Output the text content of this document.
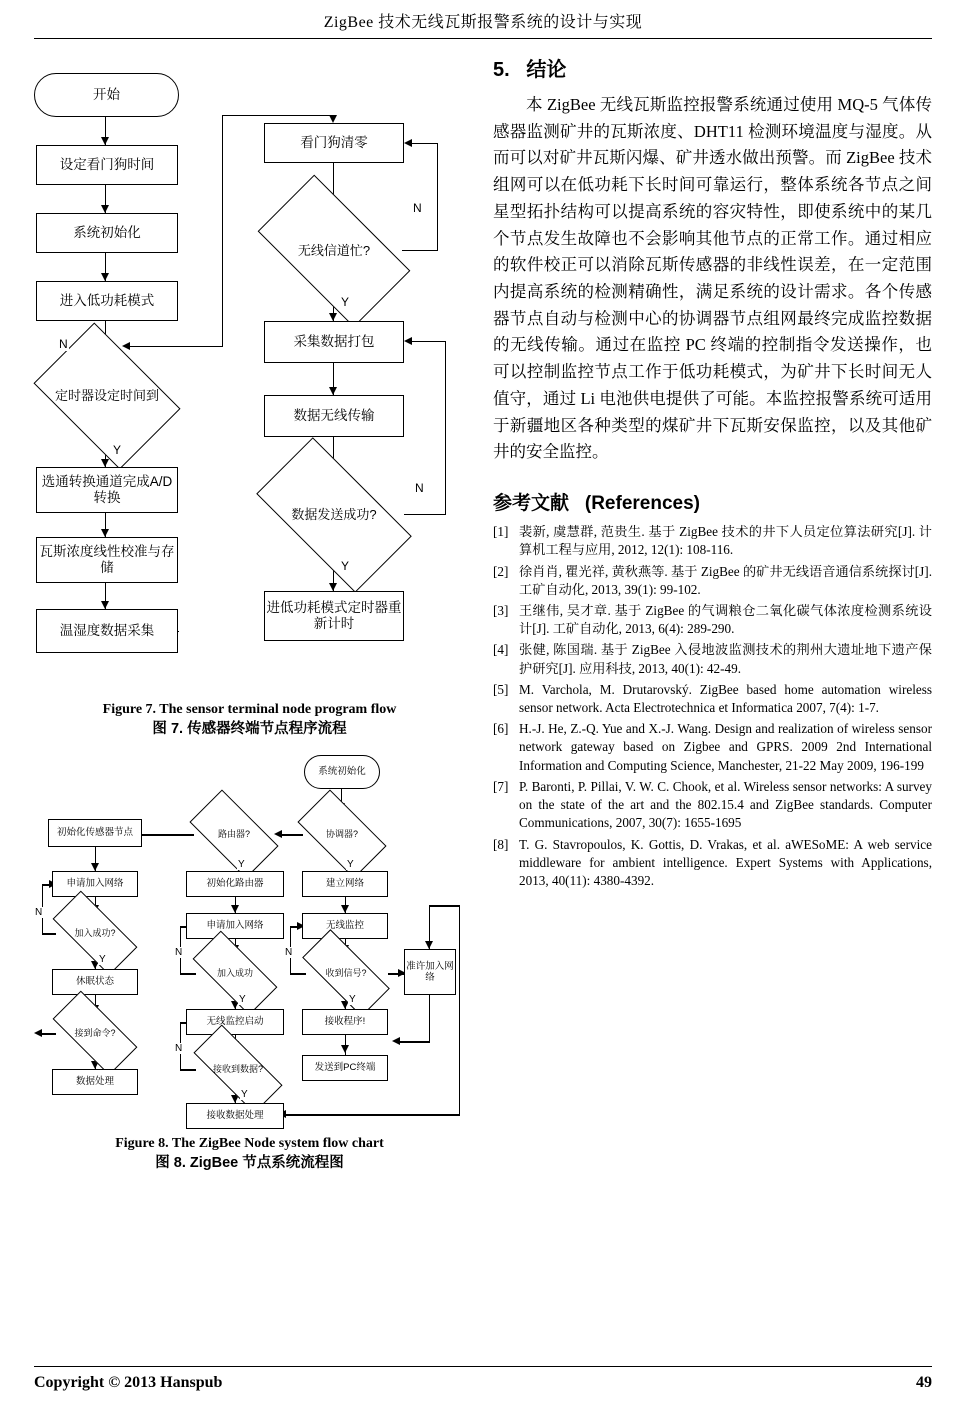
ZigBee 技术无线瓦斯报警系统的设计与实现
开始
设定看门狗时间
系统初始化
进入低功耗模式
定时器设定时间到
N
Y
选通转换通道完成A/D转换
瓦斯浓度线性校准与存储
温湿度数据采集
看门狗清零
无线信道忙?
N
Y
采集数据打包
数据无线传输
数据发送成功?
N
Y
进低功耗模式定时器重新计时
Figure 7. The sensor terminal node program flow
图 7. 传感器终端节点程序流程
系统初始化
协调器?
Y
路由器?
Y
初始化传感器节点
申请加入网络
加入成功?
N
Y
休眠状态
接到命令?
数据处理
初始化路由器
申请加入网络
加入成功
N
Y
无线监控启动
接收到数据?
N
Y
接收数据处理
建立网络
无线监控
收到信号?
N
Y
接收程序!
发送到PC终端
准许加入网络
Figure 8. The ZigBee Node system flow chart
图 8. ZigBee 节点系统流程图
5. 结论

本 ZigBee 无线瓦斯监控报警系统通过使用 MQ-5 气体传感器监测矿井的瓦斯浓度、DHT11 检测环境温度与湿度。从而可以对矿井瓦斯闪爆、矿井透水做出预警。而 ZigBee 技术组网可以在低功耗下长时间可靠运行，整体系统各节点之间星型拓扑结构可以提高系统的容灾特性，即使系统中的某几个节点发生故障也不会影响其他节点的正常工作。通过相应的软件校正可以消除瓦斯传感器的非线性误差，在一定范围内提高系统的检测精确性，满足系统的设计需求。各个传感器节点自动与检测中心的协调器节点组网最终完成监控数据的无线传输。通过在监控 PC 终端的控制指令发送操作，也可以控制监控节点工作于低功耗模式，为矿井下长时间无人值守，通过 Li 电池供电提供了可能。本监控报警系统可适用于新疆地区各种类型的煤矿井下瓦斯安保监控，以及其他矿井的安全监控。

参考文献 (References)
[1] 裴新, 虞慧群, 范贵生. 基于 ZigBee 技术的井下人员定位算法研究[J]. 计算机工程与应用, 2012, 12(1): 108-116.
[2] 徐肖肖, 瞿光祥, 黄秋燕等. 基于 ZigBee 的矿井无线语音通信系统探讨[J]. 工矿自动化, 2013, 39(1): 99-102.
[3] 王继伟, 吴才章. 基于 ZigBee 的气调粮仓二氧化碳气体浓度检测系统设计[J]. 工矿自动化, 2013, 6(4): 289-290.
[4] 张健, 陈国瑞. 基于 ZigBee 入侵地波监测技术的荆州大遗址地下遗产保护研究[J]. 应用科技, 2013, 40(1): 42-49.
[5] M. Varchola, M. Drutarovský. ZigBee based home automation wireless sensor network. Acta Electrotechnica et Informatica 2007, 7(4): 1-7.
[6] H.-J. He, Z.-Q. Yue and X.-J. Wang. Design and realization of wireless sensor network gateway based on Zigbee and GPRS. 2009 2nd International Information and Computing Science, Manchester, 21-22 May 2009, 196-199
[7] P. Baronti, P. Pillai, V. W. C. Chook, et al. Wireless sensor networks: A survey on the state of the art and the 802.15.4 and ZigBee standards. Computer Communications, 2007, 30(7): 1655-1695
[8] T. G. Stavropoulos, K. Gottis, D. Vrakas, et al. aWESoME: A web service middleware for ambient intelligence. Expert Systems with Applications, 2013, 40(11): 4380-4392.
Copyright © 2013 Hanspub	49
